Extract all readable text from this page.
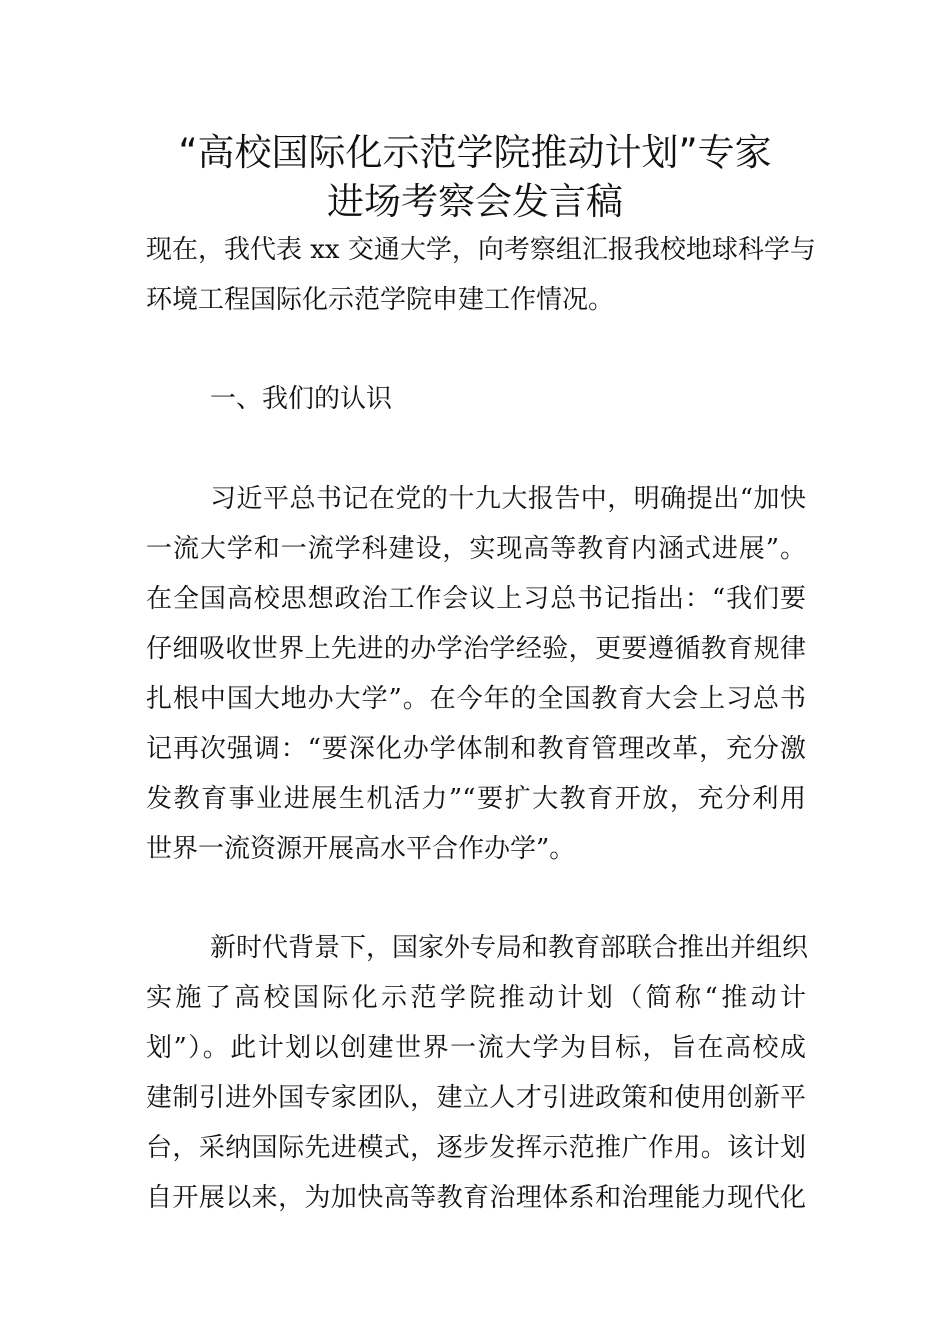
“高校国际化示范学院推动计划”专家
进场考察会发言稿
现在，我代表 xx 交通大学，向考察组汇报我校地球科学与
环境工程国际化示范学院申建工作情况。
一、我们的认识
习近平总书记在党的十九大报告中，明确提出“加快
一流大学和一流学科建设，实现高等教育内涵式进展”。
在全国高校思想政治工作会议上习总书记指出：“我们要
仔细吸收世界上先进的办学治学经验，更要遵循教育规律
扎根中国大地办大学”。在今年的全国教育大会上习总书
记再次强调：“要深化办学体制和教育管理改革，充分激
发教育事业进展生机活力”“要扩大教育开放，充分利用
世界一流资源开展高水平合作办学”。
新时代背景下，国家外专局和教育部联合推出并组织
实施了高校国际化示范学院推动计划（简称“推动计
划”）。此计划以创建世界一流大学为目标，旨在高校成
建制引进外国专家团队，建立人才引进政策和使用创新平
台，采纳国际先进模式，逐步发挥示范推广作用。该计划
自开展以来，为加快高等教育治理体系和治理能力现代化
